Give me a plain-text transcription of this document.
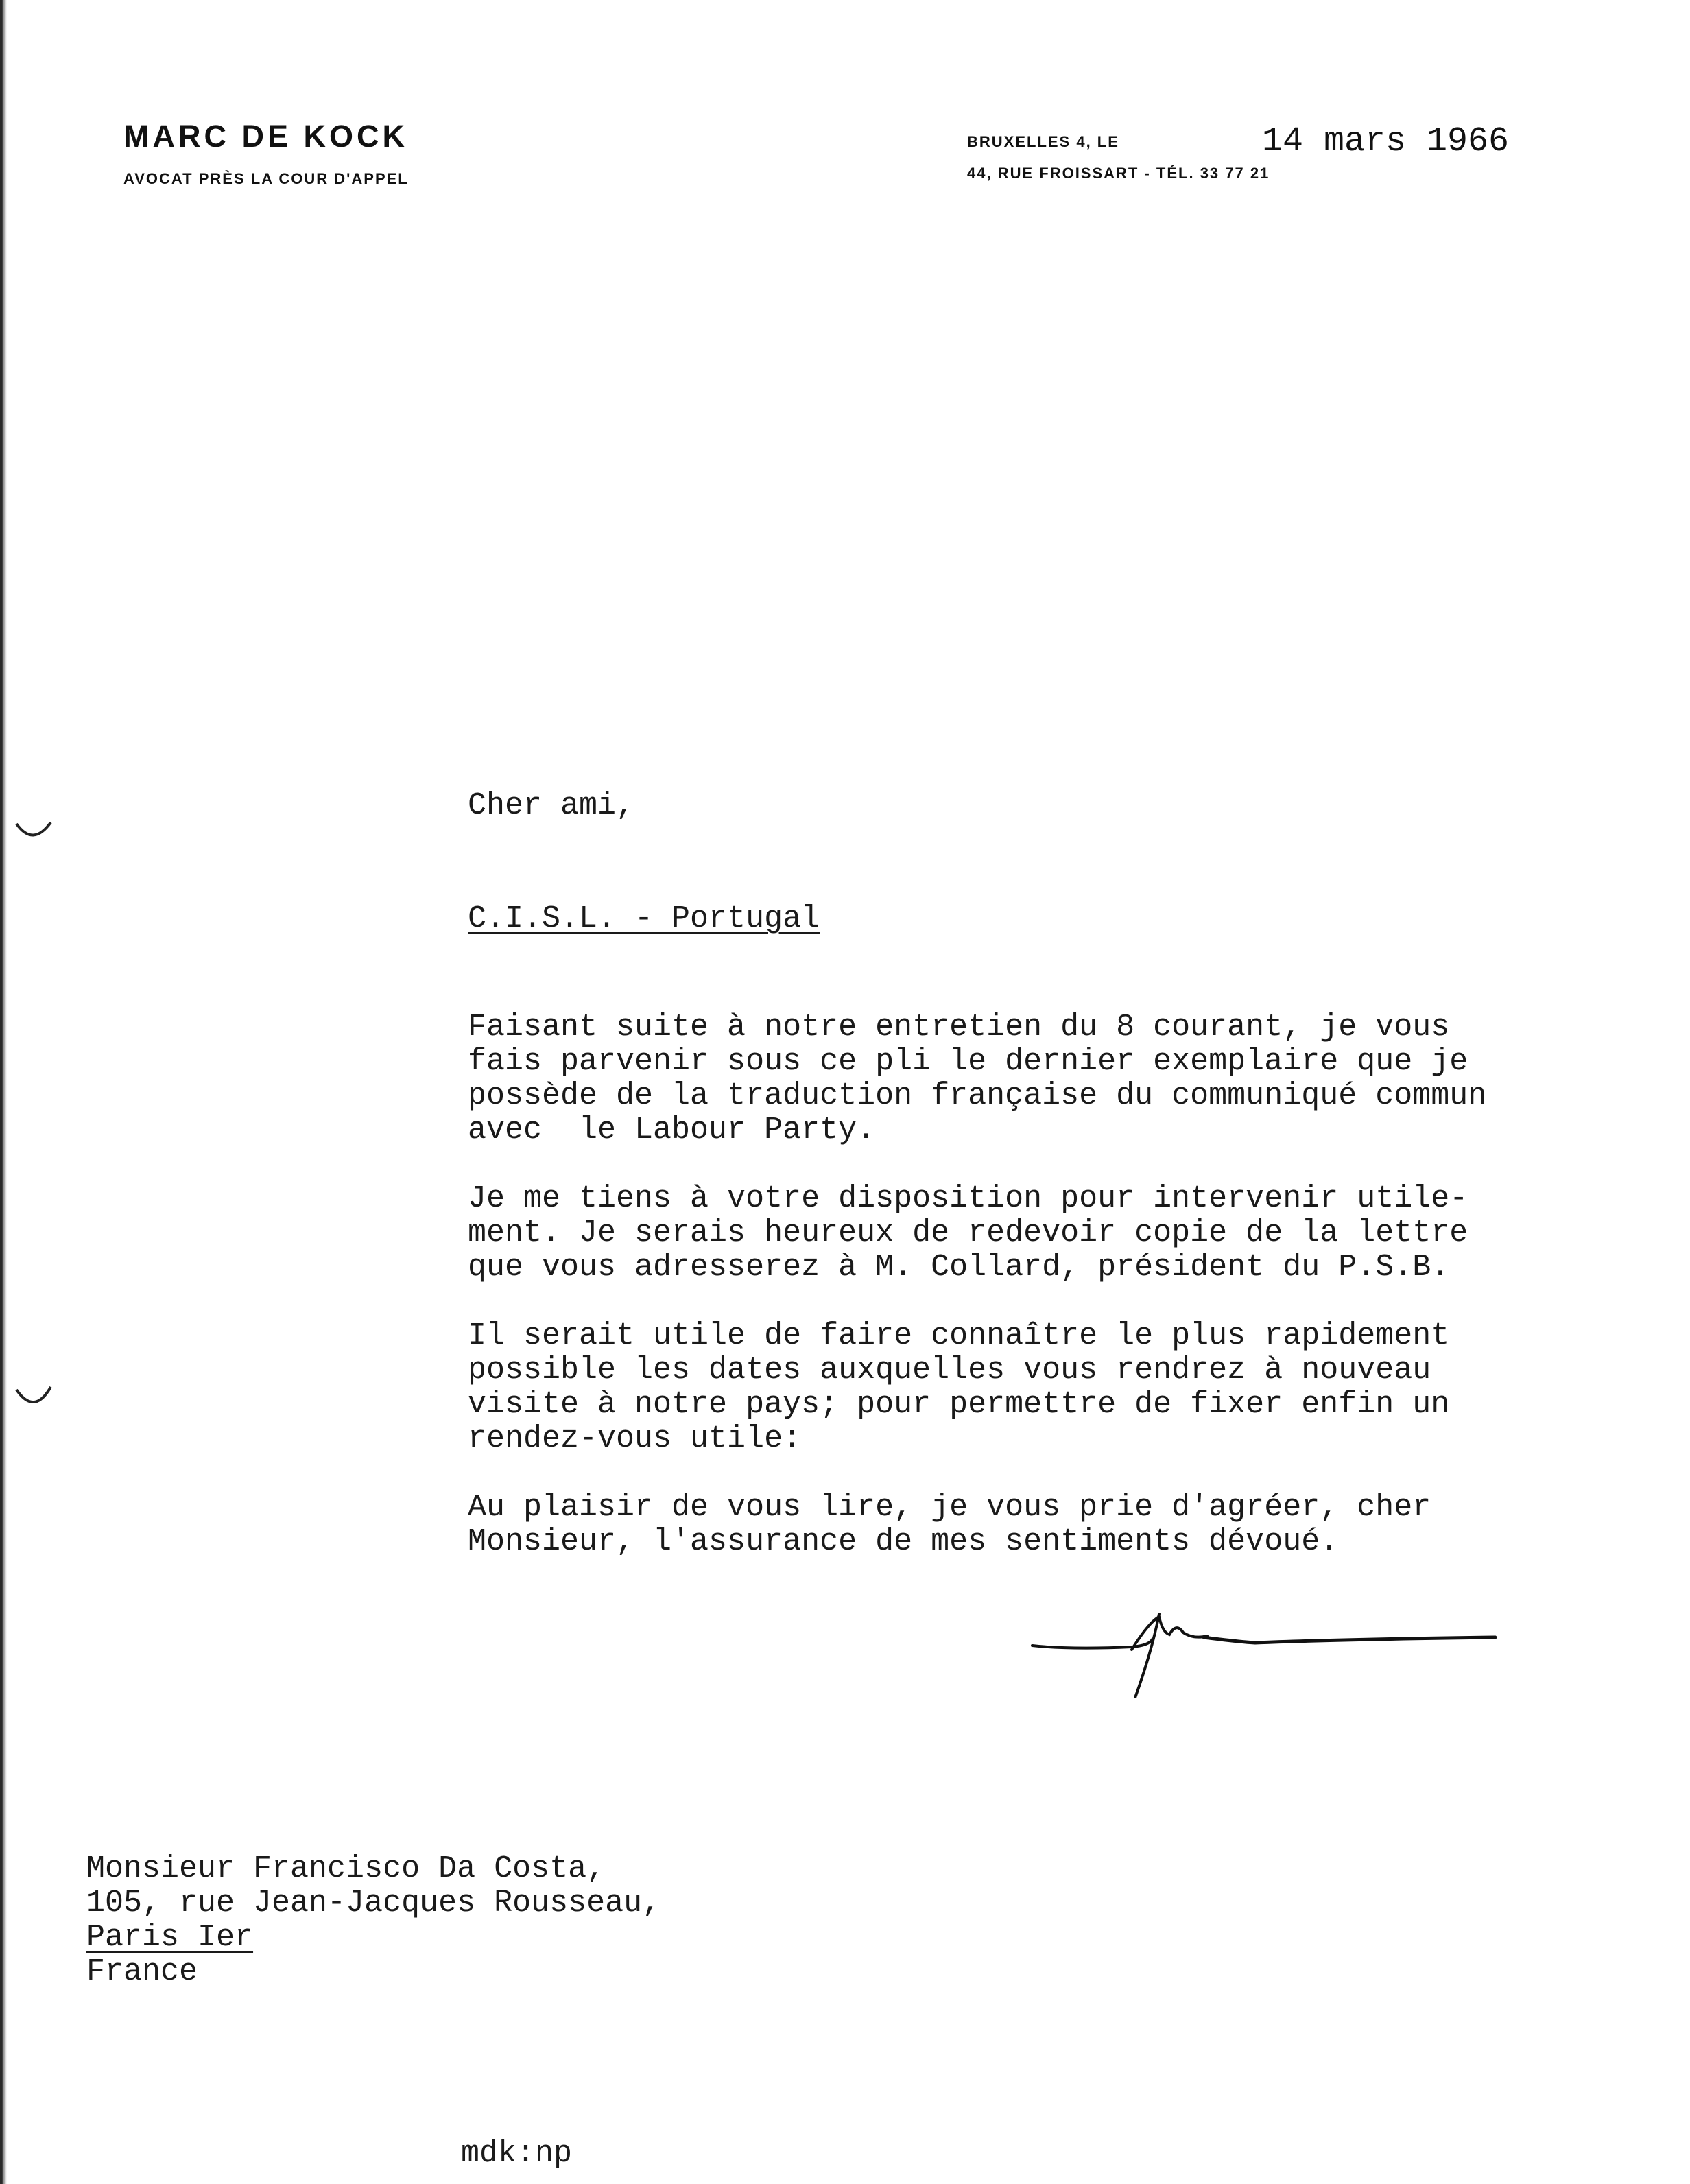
MARC DE KOCK
AVOCAT PRÈS LA COUR D'APPEL
BRUXELLES 4, LE
44, RUE FROISSART - TÉL. 33 77 21
14 mars 1966
Cher ami,
C.I.S.L. - Portugal
Faisant suite à notre entretien du 8 courant, je vous
fais parvenir sous ce pli le dernier exemplaire que je
possède de la traduction française du communiqué commun
avec  le Labour Party.
Je me tiens à votre disposition pour intervenir utile-
ment. Je serais heureux de redevoir copie de la lettre
que vous adresserez à M. Collard, président du P.S.B.
Il serait utile de faire connaître le plus rapidement
possible les dates auxquelles vous rendrez à nouveau
visite à notre pays; pour permettre de fixer enfin un
rendez-vous utile:
Au plaisir de vous lire, je vous prie d'agréer, cher
Monsieur, l'assurance de mes sentiments dévoué.
Monsieur Francisco Da Costa,
105, rue Jean-Jacques Rousseau,
Paris Ier
France
mdk:np
